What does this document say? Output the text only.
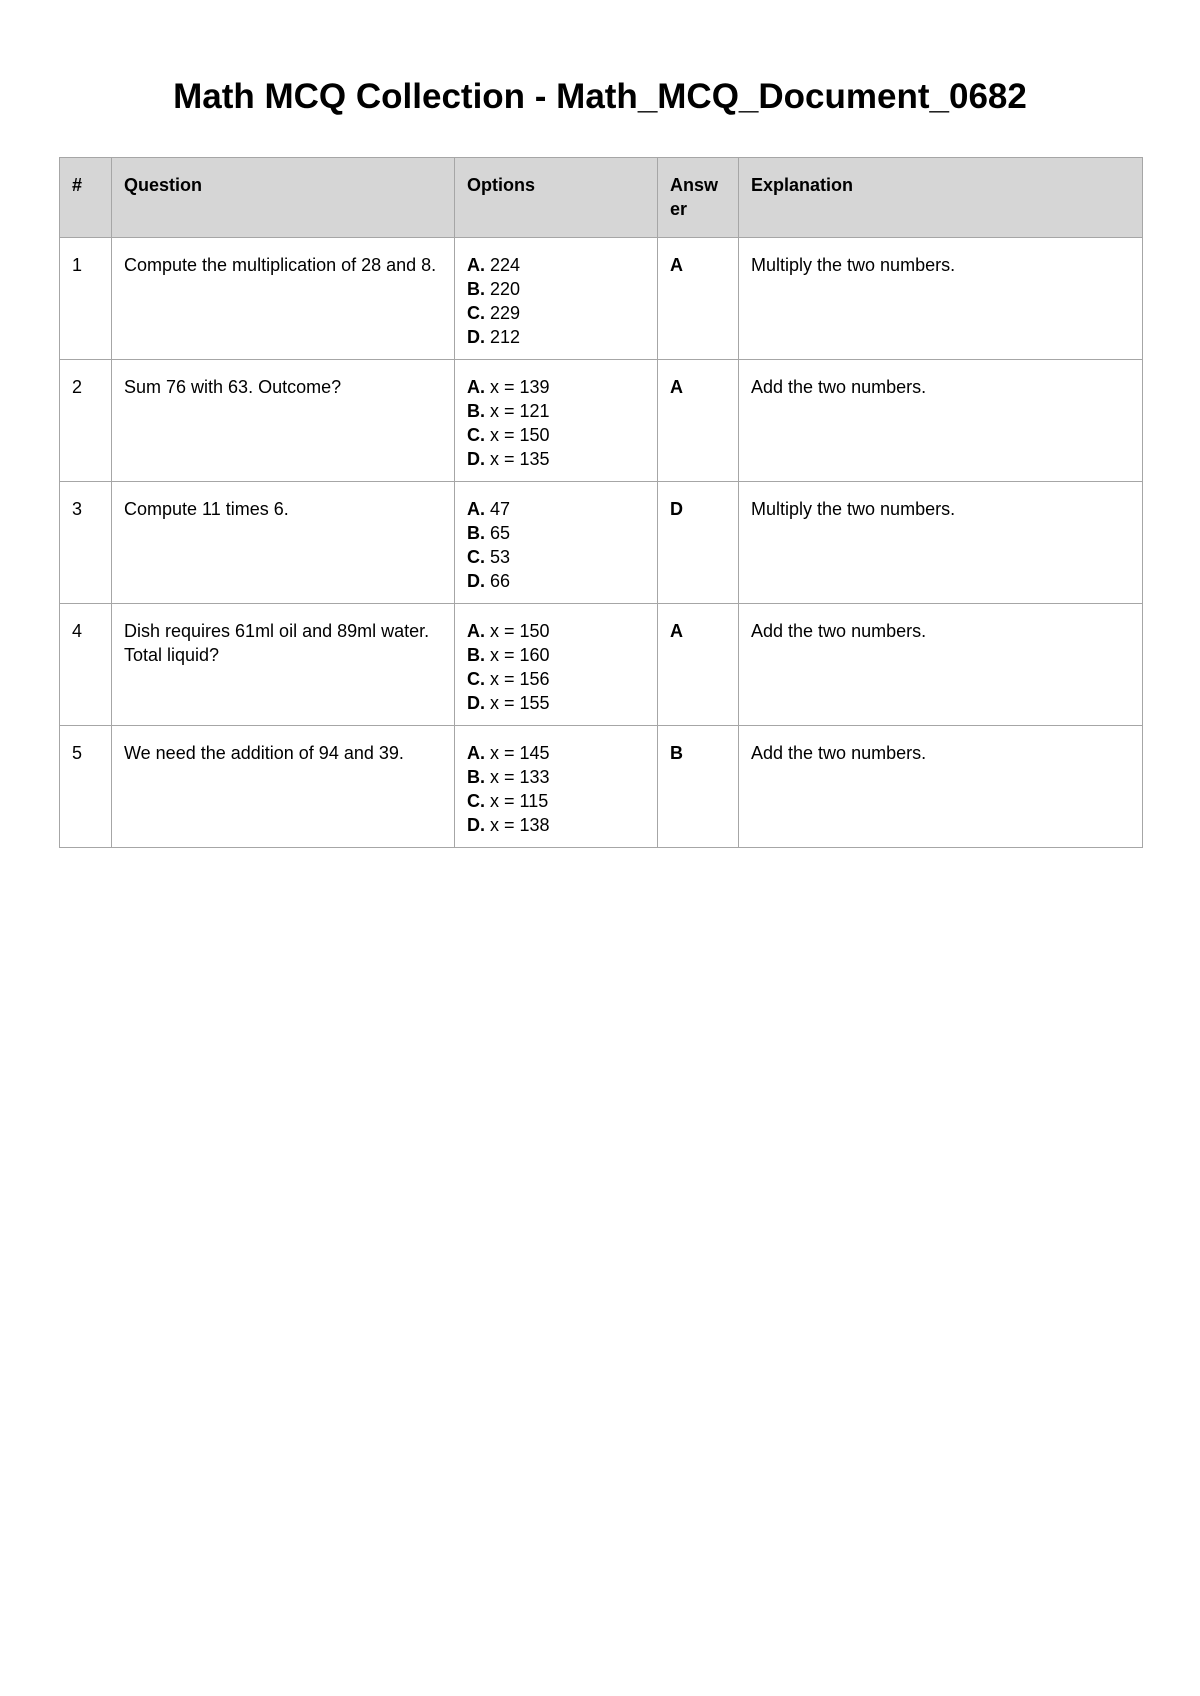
Math MCQ Collection - Math_MCQ_Document_0682
#	Question	Options	Answer	Explanation
1	Compute the multiplication of 28 and 8.	A. 224
B. 220
C. 229
D. 212	A	Multiply the two numbers.
2	Sum 76 with 63. Outcome?	A. x = 139
B. x = 121
C. x = 150
D. x = 135	A	Add the two numbers.
3	Compute 11 times 6.	A. 47
B. 65
C. 53
D. 66	D	Multiply the two numbers.
4	Dish requires 61ml oil and 89ml water. Total liquid?	A. x = 150
B. x = 160
C. x = 156
D. x = 155	A	Add the two numbers.
5	We need the addition of 94 and 39.	A. x = 145
B. x = 133
C. x = 115
D. x = 138	B	Add the two numbers.
